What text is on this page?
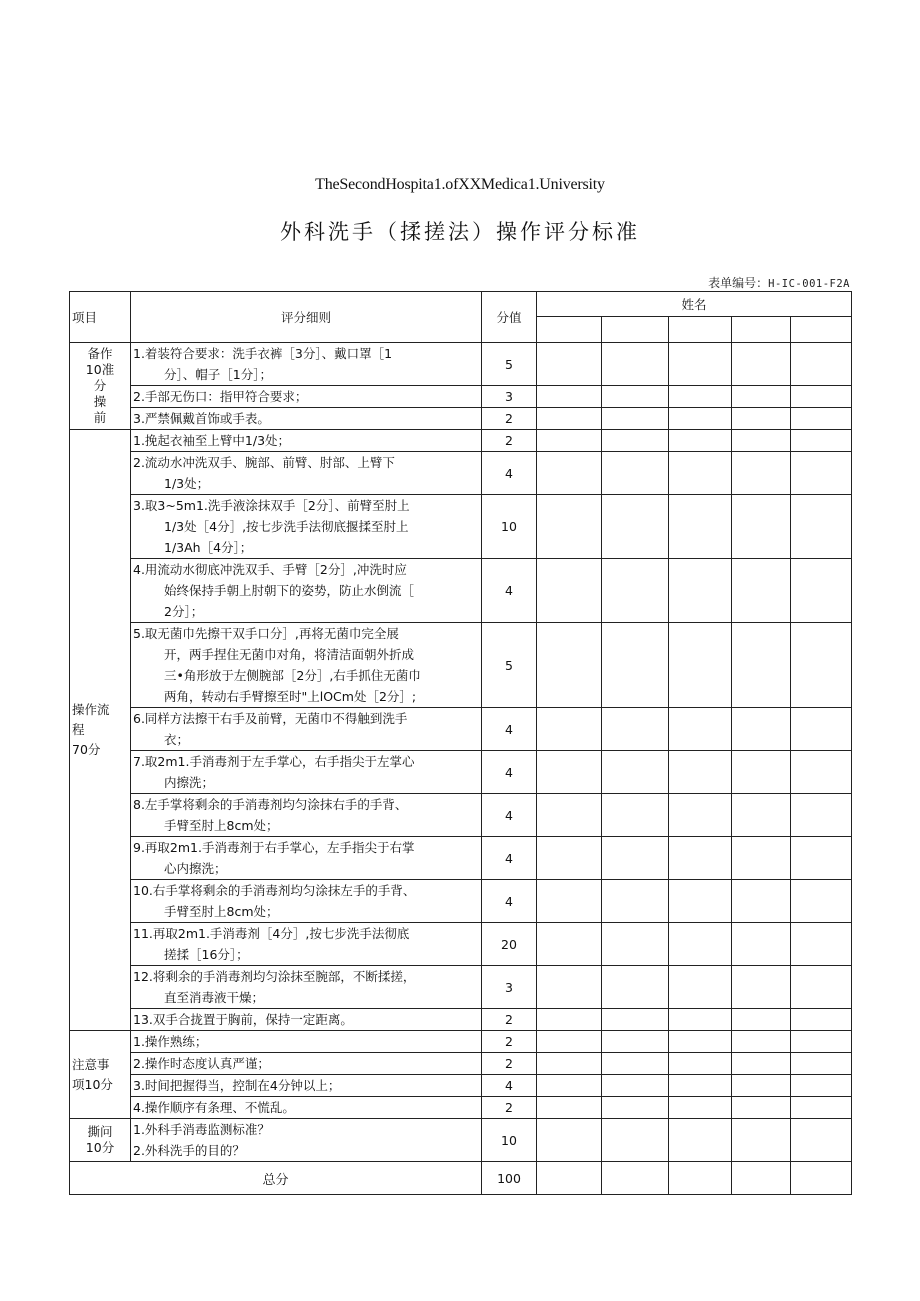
TheSecondHospita1.ofXXMedica1.University
外科洗手（揉搓法）操作评分标准
表单编号：H-IC-001-F2A
项目	评分细则	分值	姓名				

备作
10准
分
操
前	1.着装符合要求：洗手衣裤［3分］、戴口罩［1
分］、帽子［1分］；	5					

	2.手部无伤口：指甲符合要求；	3					

	3.严禁佩戴首饰或手表。	2					

操作流
程
70分	1.挽起衣袖至上臂中1/3处；	2					

	2.流动水冲洗双手、腕部、前臂、肘部、上臂下
1/3处；	4					

	3.取3~5m1.洗手液涂抹双手［2分］、前臂至肘上
1/3处［4分］,按七步洗手法彻底揠揉至肘上
1/3Ah［4分］；	10					

	4.用流动水彻底冲洗双手、手臂［2分］,冲洗时应
始终保持手朝上肘朝下的姿势，防止水倒流［
2分］；	4					

	5.取无菌巾先擦干双手口分］,再将无菌巾完全展
开，两手捏住无菌巾对角，将清洁面朝外折成
三•角形放于左侧腕部［2分］,右手抓住无菌巾
两角，转动右手臂擦至时"上lOCm处［2分］;	5					

	6.同样方法擦干右手及前臂，无菌巾不得触到洗手
衣；	4					

	7.取2m1.手消毒剂于左手掌心，右手指尖于左掌心
内擦洗；	4					

	8.左手掌将剩余的手消毒剂均匀涂抹右手的手背、
手臂至肘上8cm处；	4					

	9.再取2m1.手消毒剂于右手掌心，左手指尖于右掌
心内擦洗；	4					

	10.右手掌将剩余的手消毒剂均匀涂抹左手的手背、
手臂至肘上8cm处；	4					

	11.再取2m1.手消毒剂［4分］,按七步洗手法彻底
搓揉［16分］；	20					

	12.将剩余的手消毒剂均匀涂抹至腕部，不断揉搓，
直至消毒液干燥；	3					

	13.双手合拢置于胸前，保持一定距离。	2					

注意事
项10分	1.操作熟练；	2					

	2.操作时态度认真严谨；	2					

	3.时间把握得当，控制在4分钟以上；	4					

	4.操作顺序有条理、不慌乱。	2					

撕问
10分	1.外科手消毒监测标准？
2.外科洗手的目的？	10					
总分		100					
